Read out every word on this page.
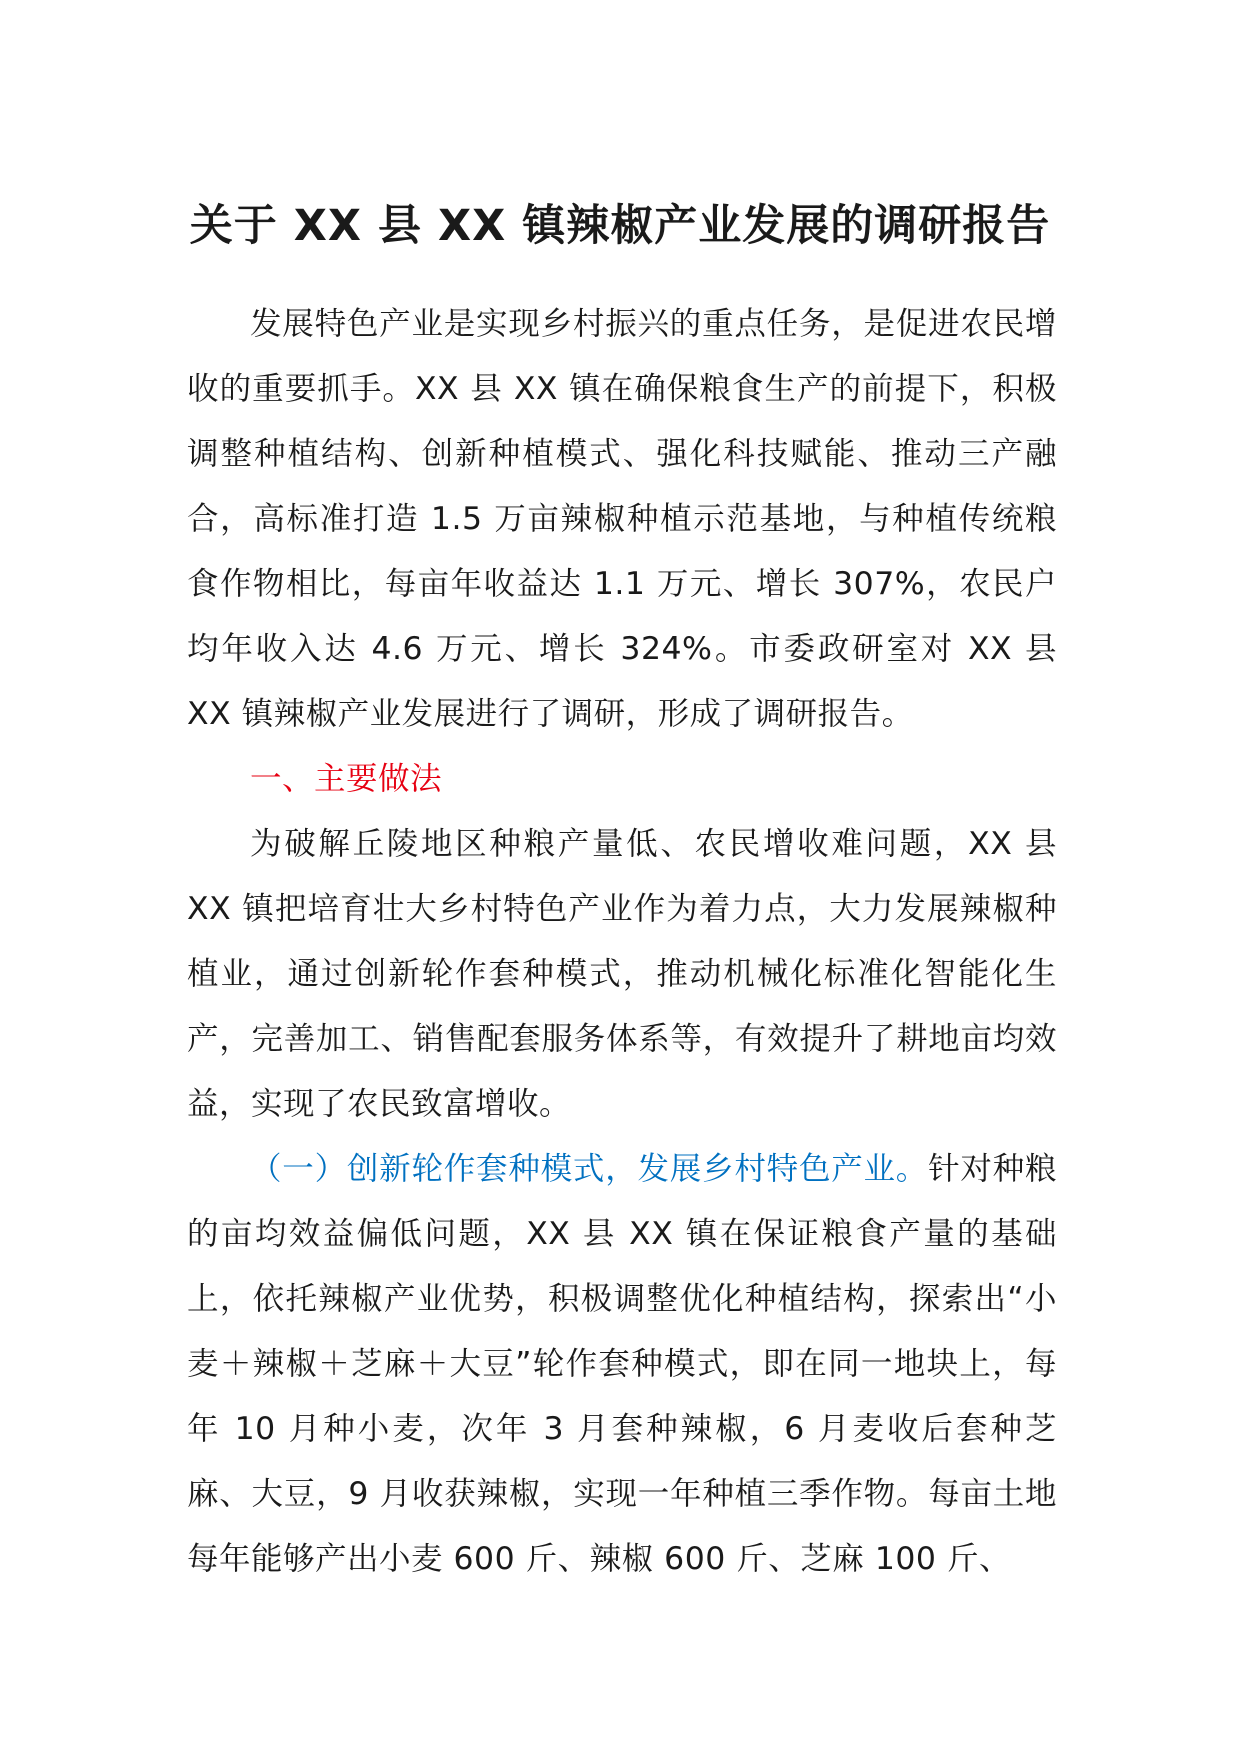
关于 XX 县 XX 镇辣椒产业发展的调研报告

发展特色产业是实现乡村振兴的重点任务，是促进农民增收的重要抓手。XX 县 XX 镇在确保粮食生产的前提下，积极调整种植结构、创新种植模式、强化科技赋能、推动三产融合，高标准打造 1.5 万亩辣椒种植示范基地，与种植传统粮食作物相比，每亩年收益达 1.1 万元、增长 307%，农民户均年收入达 4.6 万元、增长 324%。市委政研室对 XX 县 XX 镇辣椒产业发展进行了调研，形成了调研报告。

一、主要做法

为破解丘陵地区种粮产量低、农民增收难问题，XX 县 XX 镇把培育壮大乡村特色产业作为着力点，大力发展辣椒种植业，通过创新轮作套种模式，推动机械化标准化智能化生产，完善加工、销售配套服务体系等，有效提升了耕地亩均效益，实现了农民致富增收。

（一）创新轮作套种模式，发展乡村特色产业。针对种粮的亩均效益偏低问题，XX 县 XX 镇在保证粮食产量的基础上，依托辣椒产业优势，积极调整优化种植结构，探索出“小麦＋辣椒＋芝麻＋大豆”轮作套种模式，即在同一地块上，每年 10 月种小麦，次年 3 月套种辣椒，6 月麦收后套种芝麻、大豆，9 月收获辣椒，实现一年种植三季作物。每亩土地每年能够产出小麦 600 斤、辣椒 600 斤、芝麻 100 斤、
